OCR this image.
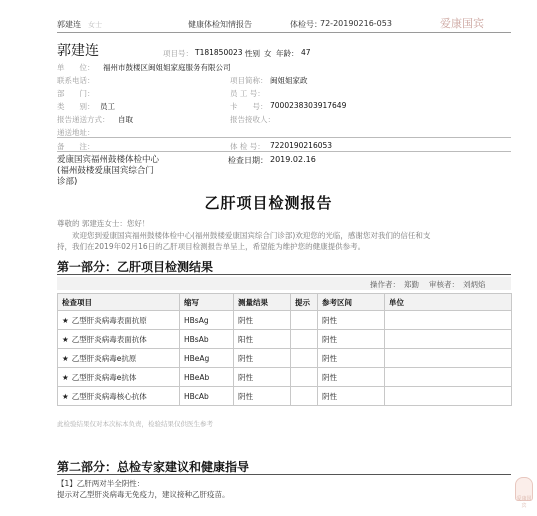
郭建连 女士	健康体检知情报告	体检号：
72-20190216-053	爱康国宾
郭建连	项目号： T181850023 性别 女 年龄： 47
单　　位： 福州市鼓楼区闽姐姐家庭服务有限公司
联系电话：	项目简称： 闽姐姐家政
部　　门：	员 工 号：
类　　别： 员工	卡　　号： 7000238303917649
报告递送方式： 自取	报告接收人：
递送地址：
备　　注：	体 检 号： 7220190216053
爱康国宾福州鼓楼体检中心
(福州鼓楼爱康国宾综合门
诊部)
检查日期： 2019.02.16
乙肝项目检测报告
尊敬的 郭建连女士：您好！
　　欢迎您到爱康国宾福州鼓楼体检中心(福州鼓楼爱康国宾综合门诊部)欢迎您的光临，感谢您对我们的信任和支
持，我们在2019年02月16日的乙肝项目检测报告单呈上，希望能为维护您的健康提供参考。
第一部分：乙肝项目检测结果
操作者： 郑勤 审核者： 刘炳焰
检查项目	缩写	测量结果	提示	参考区间	单位
★ 乙型肝炎病毒表面抗原	HBsAg	阴性		阴性	
★ 乙型肝炎病毒表面抗体	HBsAb	阳性		阴性	
★ 乙型肝炎病毒e抗原	HBeAg	阴性		阴性	
★ 乙型肝炎病毒e抗体	HBeAb	阴性		阴性	
★ 乙型肝炎病毒核心抗体	HBcAb	阴性		阴性	
此检验结果仅对本次标本负责，检验结果仅供医生参考
第二部分：总检专家建议和健康指导
【1】乙肝两对半全阴性：
提示对乙型肝炎病毒无免疫力，建议接种乙肝疫苗。	爱康国宾
